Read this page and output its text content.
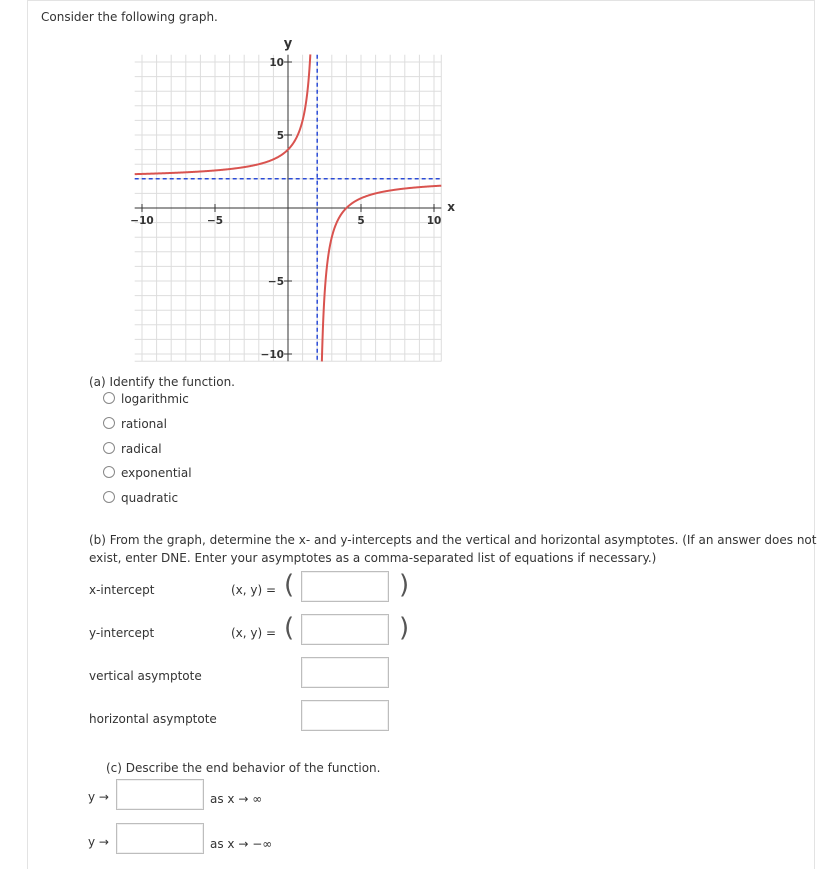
Consider the following graph.
−10	−5	5	10
10
5
−5
−10
y
x
(a) Identify the function.
logarithmic
rational
radical
exponential
quadratic
(b) From the graph, determine the x- and y-intercepts and the vertical and horizontal asymptotes. (If an answer does not
exist, enter DNE. Enter your asymptotes as a comma-separated list of equations if necessary.)
x-intercept	(x, y) = (	)
y-intercept	(x, y) = (	)
vertical asymptote
horizontal asymptote
(c) Describe the end behavior of the function.
y →	as x → ∞
y →	as x → −∞
